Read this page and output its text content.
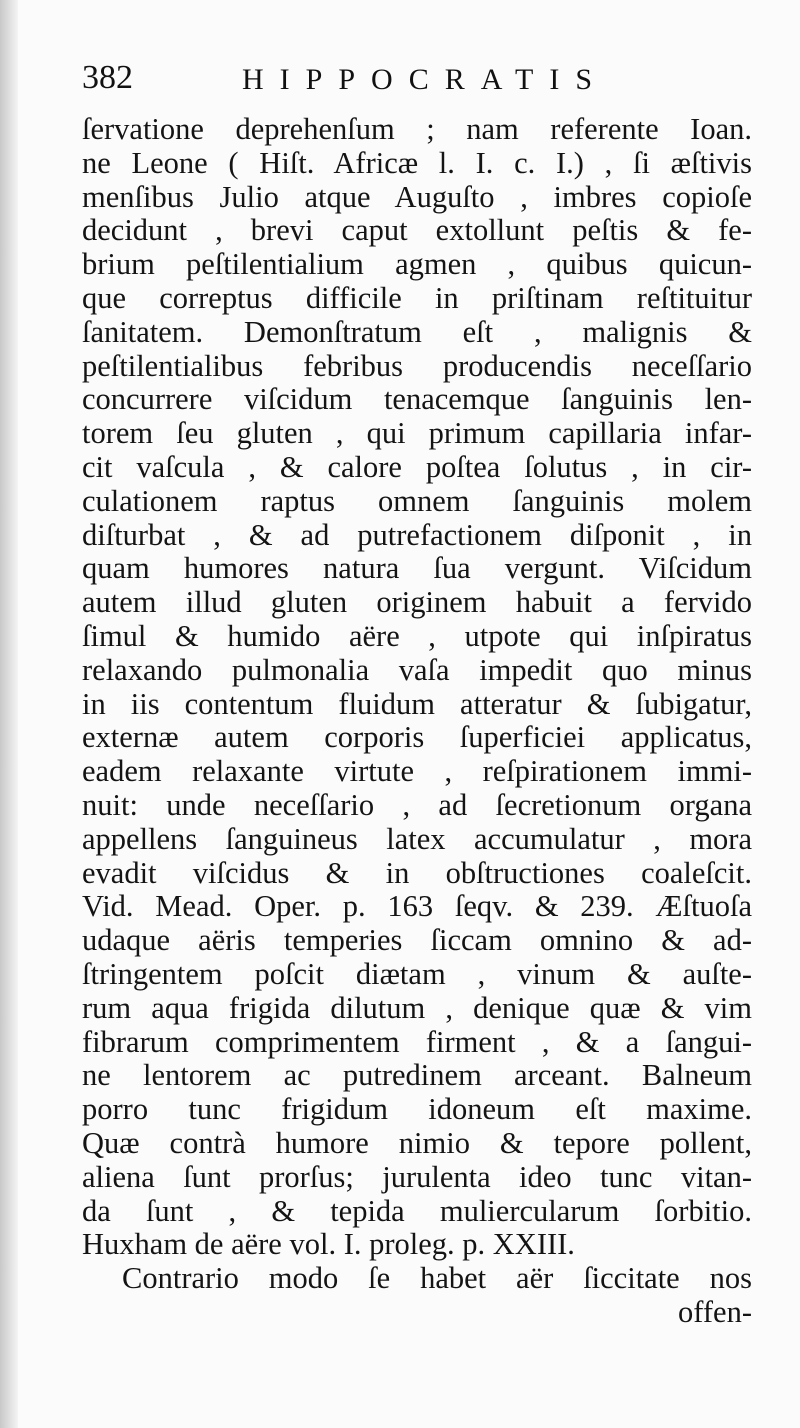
382	HIPPOCRATIS
ſervatione deprehenſum ; nam referente Ioan.
ne Leone ( Hiſt. Africæ l. I. c. I.) , ſi æſtivis
menſibus Julio atque Auguſto , imbres copioſe
decidunt , brevi caput extollunt peſtis & fe-
brium peſtilentialium agmen , quibus quicun-
que correptus difficile in priſtinam reſtituitur
ſanitatem. Demonſtratum eſt , malignis &
peſtilentialibus febribus producendis neceſſario
concurrere viſcidum tenacemque ſanguinis len-
torem ſeu gluten , qui primum capillaria infar-
cit vaſcula , & calore poſtea ſolutus , in cir-
culationem raptus omnem ſanguinis molem
diſturbat , & ad putrefactionem diſponit , in
quam humores natura ſua vergunt. Viſcidum
autem illud gluten originem habuit a fervido
ſimul & humido aëre , utpote qui inſpiratus
relaxando pulmonalia vaſa impedit quo minus
in iis contentum fluidum atteratur & ſubigatur,
externæ autem corporis ſuperficiei applicatus,
eadem relaxante virtute , reſpirationem immi-
nuit: unde neceſſario , ad ſecretionum organa
appellens ſanguineus latex accumulatur , mora
evadit viſcidus & in obſtructiones coaleſcit.
Vid. Mead. Oper. p. 163 ſeqv. & 239. Æſtuoſa
udaque aëris temperies ſiccam omnino & ad-
ſtringentem poſcit diætam , vinum & auſte-
rum aqua frigida dilutum , denique quæ & vim
fibrarum comprimentem firment , & a ſangui-
ne lentorem ac putredinem arceant. Balneum
porro tunc frigidum idoneum eſt maxime.
Quæ contrà humore nimio & tepore pollent,
aliena ſunt prorſus; jurulenta ideo tunc vitan-
da ſunt , & tepida muliercularum ſorbitio.
Huxham de aëre vol. I. proleg. p. XXIII.
Contrario modo ſe habet aër ſiccitate nos
offen-
